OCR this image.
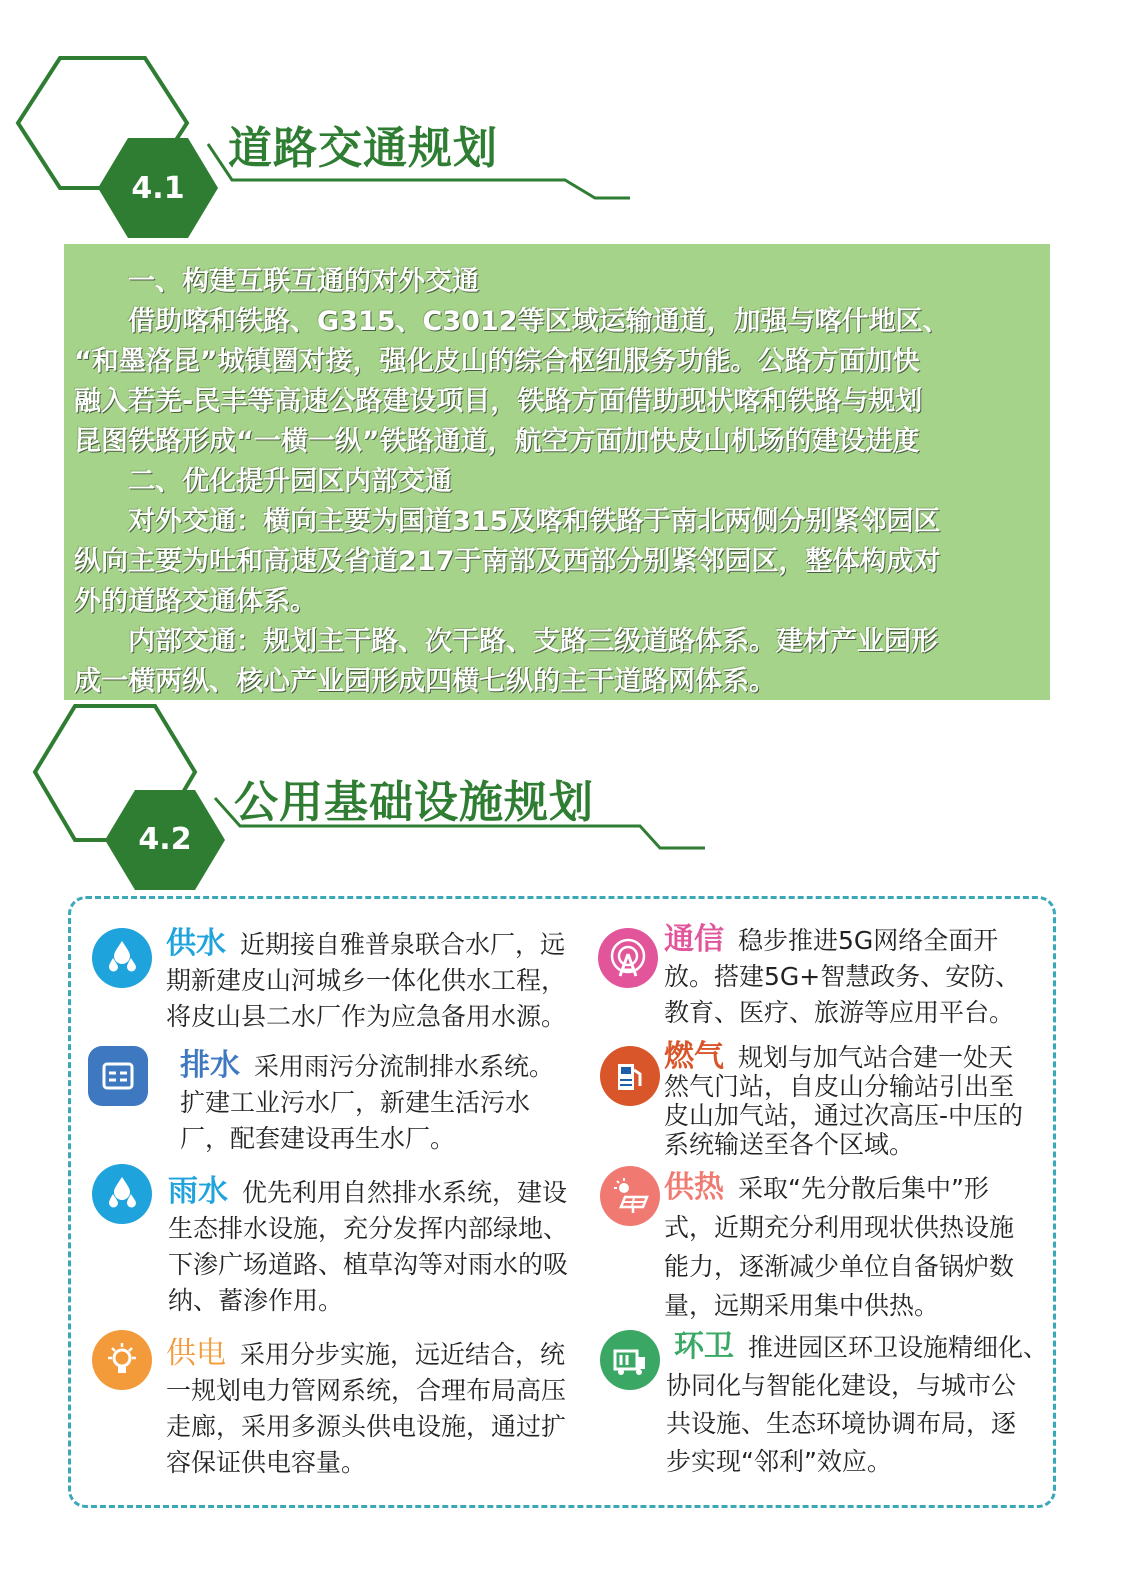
4.1
道路交通规划

一、构建互联互通的对外交通

借助喀和铁路、G315、C3012等区域运输通道，加强与喀什地区、

“和墨洛昆”城镇圈对接，强化皮山的综合枢纽服务功能。公路方面加快

融入若羌-民丰等高速公路建设项目，铁路方面借助现状喀和铁路与规划

昆图铁路形成“一横一纵”铁路通道，航空方面加快皮山机场的建设进度

二、优化提升园区内部交通

对外交通：横向主要为国道315及喀和铁路于南北两侧分别紧邻园区

纵向主要为吐和高速及省道217于南部及西部分别紧邻园区，整体构成对

外的道路交通体系。

内部交通：规划主干路、次干路、支路三级道路体系。建材产业园形

成一横两纵、核心产业园形成四横七纵的主干道路网体系。

4.2
公用基础设施规划
供水 近期接自雅普泉联合水厂，远
期新建皮山河城乡一体化供水工程，
将皮山县二水厂作为应急备用水源。
排水 采用雨污分流制排水系统。
扩建工业污水厂，新建生活污水
厂，配套建设再生水厂。
雨水 优先利用自然排水系统，建设
生态排水设施，充分发挥内部绿地、
下渗广场道路、植草沟等对雨水的吸
纳、蓄渗作用。
供电 采用分步实施，远近结合，统
一规划电力管网系统，合理布局高压
走廊，采用多源头供电设施，通过扩
容保证供电容量。
通信 稳步推进5G网络全面开
放。搭建5G+智慧政务、安防、
教育、医疗、旅游等应用平台。
燃气 规划与加气站合建一处天
然气门站，自皮山分输站引出至
皮山加气站，通过次高压-中压的
系统输送至各个区域。
供热 采取“先分散后集中”形
式，近期充分利用现状供热设施
能力，逐渐减少单位自备锅炉数
量，远期采用集中供热。
环卫 推进园区环卫设施精细化、
协同化与智能化建设，与城市公
共设施、生态环境协调布局，逐
步实现“邻利”效应。
